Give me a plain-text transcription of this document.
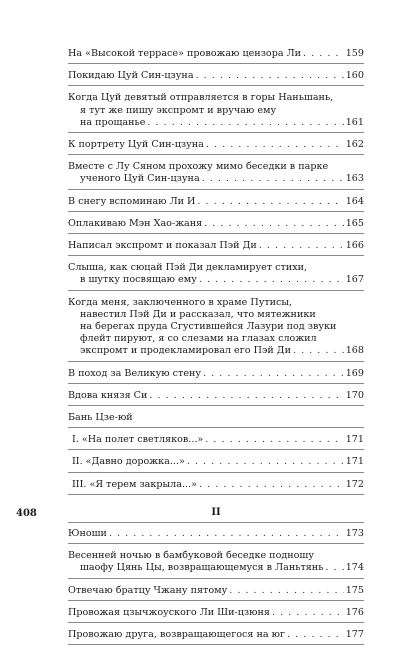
На «Высокой террасе» провожаю цензора Ли . . .	159
Покидаю Цуй Син-цзуна . . .	160
Когда Цуй девятый отправляется в горы Наньшань,
я тут же пишу экспромт и вручаю ему
на прощанье . . .	161
К портрету Цуй Син-цзуна . . .	162
Вместе с Лу Сяном прохожу мимо беседки в парке
ученого Цуй Син-цзуна . . .	163
В снегу вспоминаю Ли И . . .	164
Оплакиваю Мэн Хао-жаня . . .	165
Написал экспромт и показал Пэй Ди . . .	166
Слыша, как сюцай Пэй Ди декламирует стихи,
в шутку посвящаю ему . . .	167
Когда меня, заключенного в храме Путисы,
навестил Пэй Ди и рассказал, что мятежники
на берегах пруда Сгустившейся Лазури под звуки
флейт пируют, я со слезами на глазах сложил
экспромт и продекламировал его Пэй Ди . . .	168
В поход за Великую стену . . .	169
Вдова князя Си . . .	170
Бань Цзе-юй
I. «На полет светляков...» . . .	171
II. «Давно дорожка...» . . .	171
III. «Я терем закрыла...» . . .	172
II
Юноши . . .	173
Весенней ночью в бамбуковой беседке подношу
шаофу Цянь Цы, возвращающемуся в Ланьтянь . . . 174
Отвечаю братцу Чжану пятому . . .	175
Провожая цзычжоуского Ли Ши-цзюня . . .	176
Провожаю друга, возвращающегося на юг . . .	177
408
